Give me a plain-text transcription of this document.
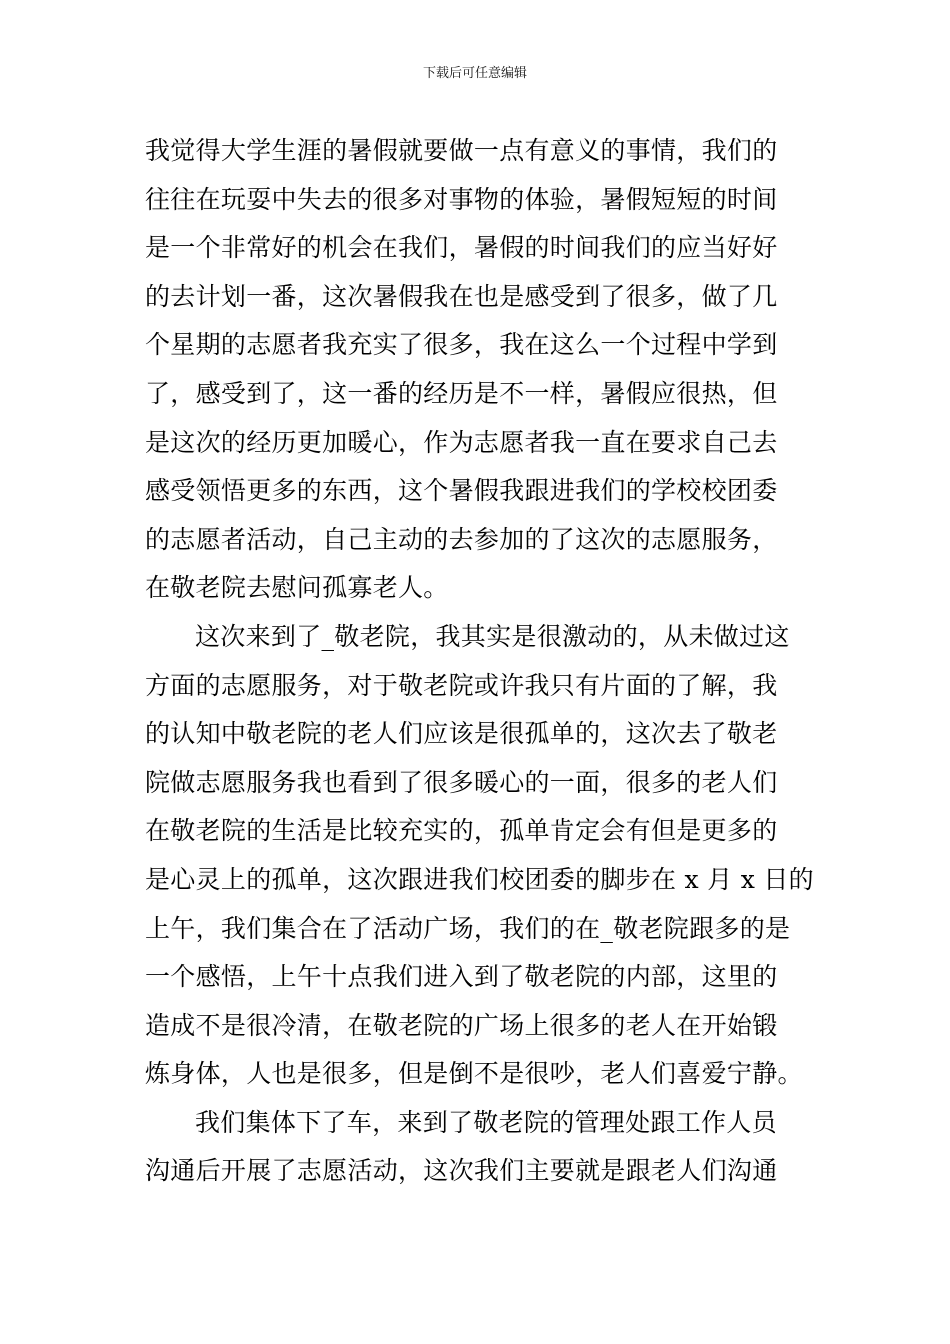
下载后可任意编辑
我觉得大学生涯的暑假就要做一点有意义的事情，我们的
往往在玩耍中失去的很多对事物的体验，暑假短短的时间
是一个非常好的机会在我们，暑假的时间我们的应当好好
的去计划一番，这次暑假我在也是感受到了很多，做了几
个星期的志愿者我充实了很多，我在这么一个过程中学到
了，感受到了，这一番的经历是不一样，暑假应很热，但
是这次的经历更加暖心，作为志愿者我一直在要求自己去
感受领悟更多的东西，这个暑假我跟进我们的学校校团委
的志愿者活动，自己主动的去参加的了这次的志愿服务，
在敬老院去慰问孤寡老人。
这次来到了_敬老院，我其实是很激动的，从未做过这
方面的志愿服务，对于敬老院或许我只有片面的了解，我
的认知中敬老院的老人们应该是很孤单的，这次去了敬老
院做志愿服务我也看到了很多暖心的一面，很多的老人们
在敬老院的生活是比较充实的，孤单肯定会有但是更多的
是心灵上的孤单，这次跟进我们校团委的脚步在 x 月 x 日的
上午，我们集合在了活动广场，我们的在_敬老院跟多的是
一个感悟，上午十点我们进入到了敬老院的内部，这里的
造成不是很冷清，在敬老院的广场上很多的老人在开始锻
炼身体，人也是很多，但是倒不是很吵，老人们喜爱宁静。
我们集体下了车，来到了敬老院的管理处跟工作人员
沟通后开展了志愿活动，这次我们主要就是跟老人们沟通
